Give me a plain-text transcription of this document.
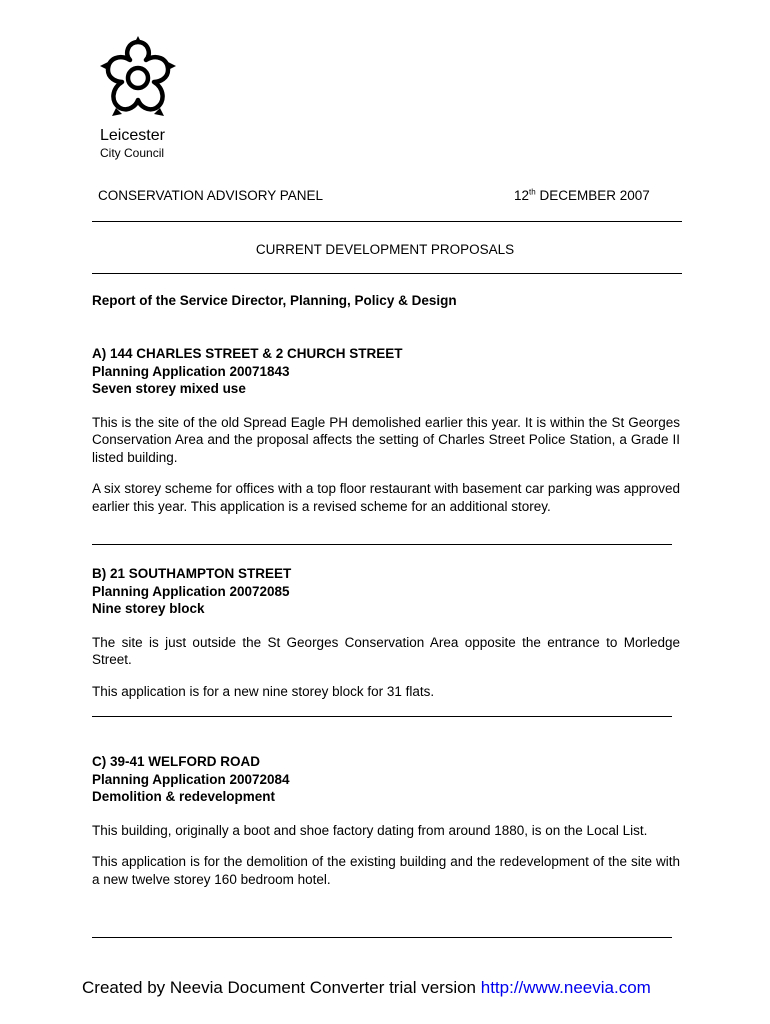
Leicester
City Council
CONSERVATION ADVISORY PANEL	12th DECEMBER 2007
CURRENT DEVELOPMENT PROPOSALS
Report of the Service Director, Planning, Policy & Design
A) 144 CHARLES STREET & 2 CHURCH STREET
Planning Application 20071843
Seven storey mixed use
This is the site of the old Spread Eagle PH demolished earlier this year. It is within the St Georges Conservation Area and the proposal affects the setting of Charles Street Police Station, a Grade II listed building.
A six storey scheme for offices with a top floor restaurant with basement car parking was approved earlier this year. This application is a revised scheme for an additional storey.
B) 21 SOUTHAMPTON STREET
Planning Application 20072085
Nine storey block
The site is just outside the St Georges Conservation Area opposite the entrance to Morledge Street.
This application is for a new nine storey block for 31 flats.
C) 39-41 WELFORD ROAD
Planning Application 20072084
Demolition & redevelopment
This building, originally a boot and shoe factory dating from around 1880, is on the Local List.
This application is for the demolition of the existing building and the redevelopment of the site with a new twelve storey 160 bedroom hotel.
Created by Neevia Document Converter trial version http://www.neevia.com
